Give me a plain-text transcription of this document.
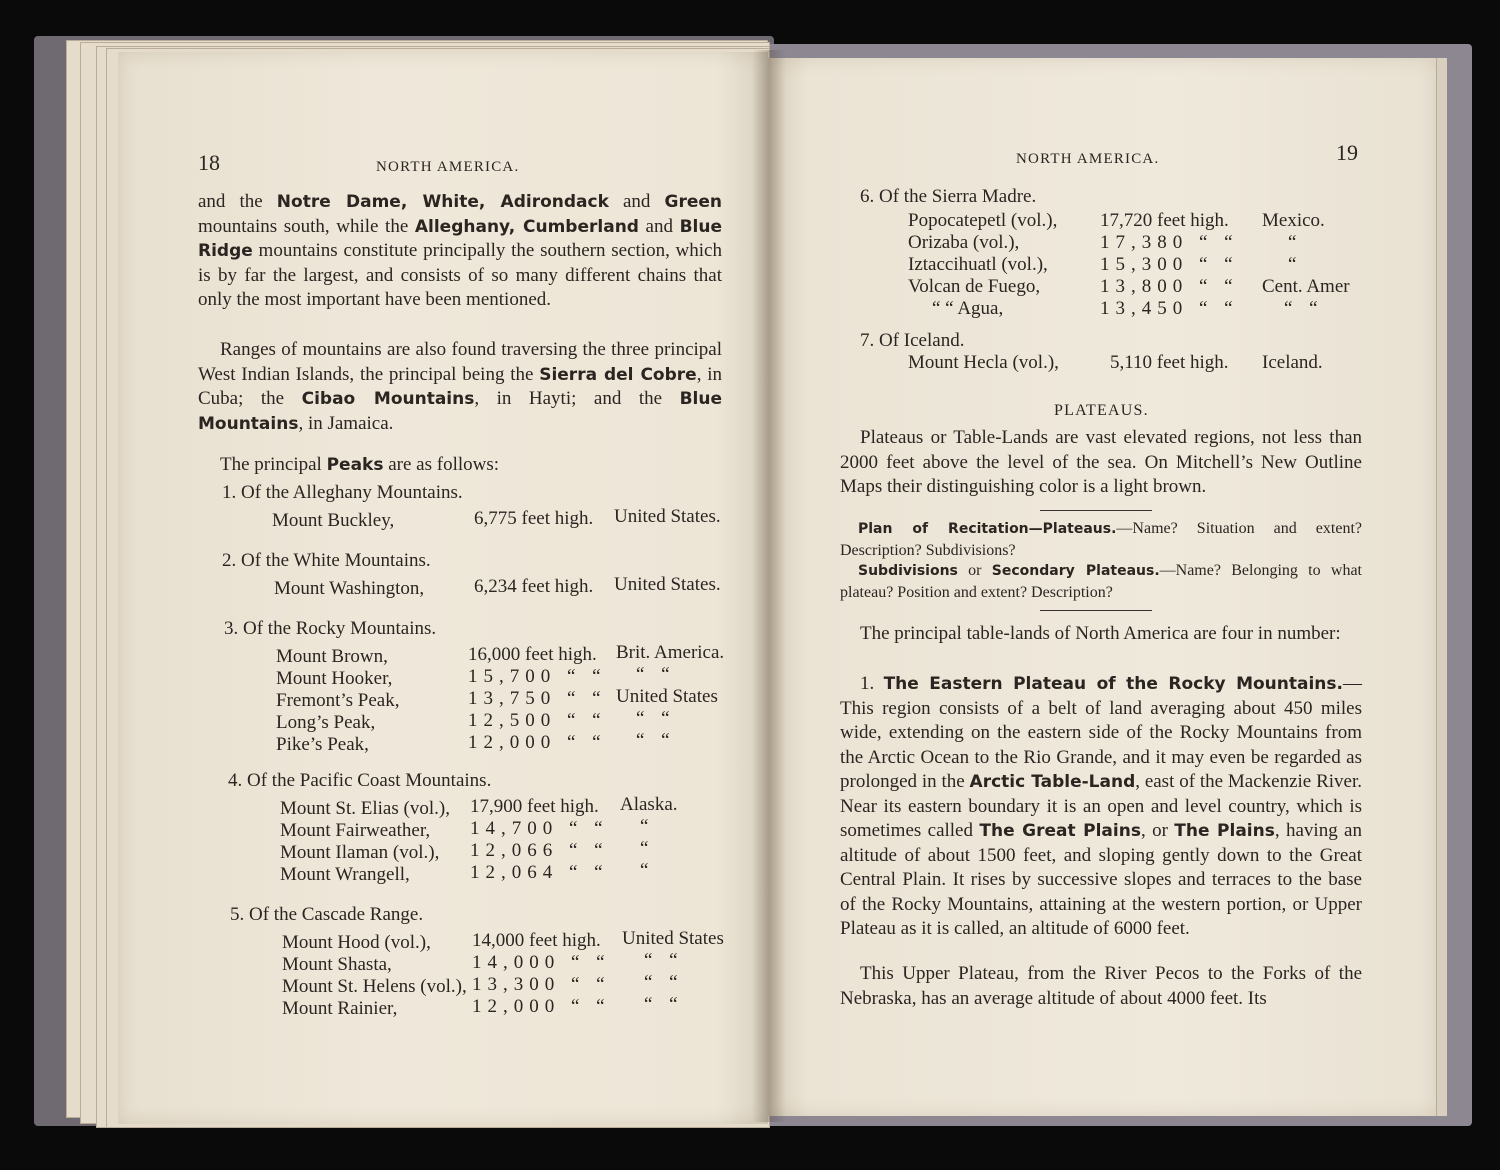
18	NORTH AMERICA.
and the Notre Dame, White, Adirondack and Green mountains south, while the Alleghany, Cumberland and Blue Ridge mountains constitute principally the southern section, which is by far the largest, and consists of so many different chains that only the most important have been mentioned.
Ranges of mountains are also found traversing the three principal West Indian Islands, the principal being the Sierra del Cobre, in Cuba; the Cibao Mountains, in Hayti; and the Blue Mountains, in Jamaica.
The principal Peaks are as follows:
1. Of the Alleghany Mountains.
Mount Buckley,	6,775 feet high. United States.
2. Of the White Mountains.
Mount Washington,	6,234 feet high. United States.
3. Of the Rocky Mountains.
Mount Brown,	16,000 feet high. Brit. America.
Mount Hooker,	15,700 “ “ “ “
Fremont’s Peak,	13,750 “ “ United States
Long’s Peak,	12,500 “ “ “ “
Pike’s Peak,	12,000 “ “ “ “
4. Of the Pacific Coast Mountains.
Mount St. Elias (vol.), 17,900 feet high. Alaska.
Mount Fairweather, 14,700 “ “ “
Mount Ilaman (vol.), 12,066 “ “ “
Mount Wrangell,	12,064 “ “ “
5. Of the Cascade Range.
Mount Hood (vol.), 14,000 feet high. United States
Mount Shasta,	14,000 “ “ “ “
Mount St. Helens (vol.), 13,300 “ “ “ “
Mount Rainier,	12,000 “ “ “ “
NORTH AMERICA.	19
6. Of the Sierra Madre.
Popocatepetl (vol.), 17,720 feet high. Mexico.
Orizaba (vol.),	17,380 “ “	“
Iztaccihuatl (vol.),	15,300 “ “	“
Volcan de Fuego,	13,800 “ “ Cent. Amer
“ “ Agua,	13,450 “ “ “ “
7. Of Iceland.
Mount Hecla (vol.),	5,110 feet high. Iceland.
PLATEAUS.
Plateaus or Table-Lands are vast elevated regions, not less than 2000 feet above the level of the sea. On Mitchell’s New Outline Maps their distinguishing color is a light brown.
Plan of Recitation—Plateaus.—Name? Situation and extent? Description? Subdivisions?
Subdivisions or Secondary Plateaus.—Name? Belonging to what plateau? Position and extent? Description?
The principal table-lands of North America are four in number:
1. The Eastern Plateau of the Rocky Mountains.— This region consists of a belt of land averaging about 450 miles wide, extending on the eastern side of the Rocky Mountains from the Arctic Ocean to the Rio Grande, and it may even be regarded as prolonged in the Arctic Table-Land, east of the Mackenzie River. Near its eastern boundary it is an open and level country, which is sometimes called The Great Plains, or The Plains, having an altitude of about 1500 feet, and sloping gently down to the Great Central Plain. It rises by successive slopes and terraces to the base of the Rocky Mountains, attaining at the western portion, or Upper Plateau as it is called, an altitude of 6000 feet.
This Upper Plateau, from the River Pecos to the Forks of the Nebraska, has an average altitude of about 4000 feet. Its
